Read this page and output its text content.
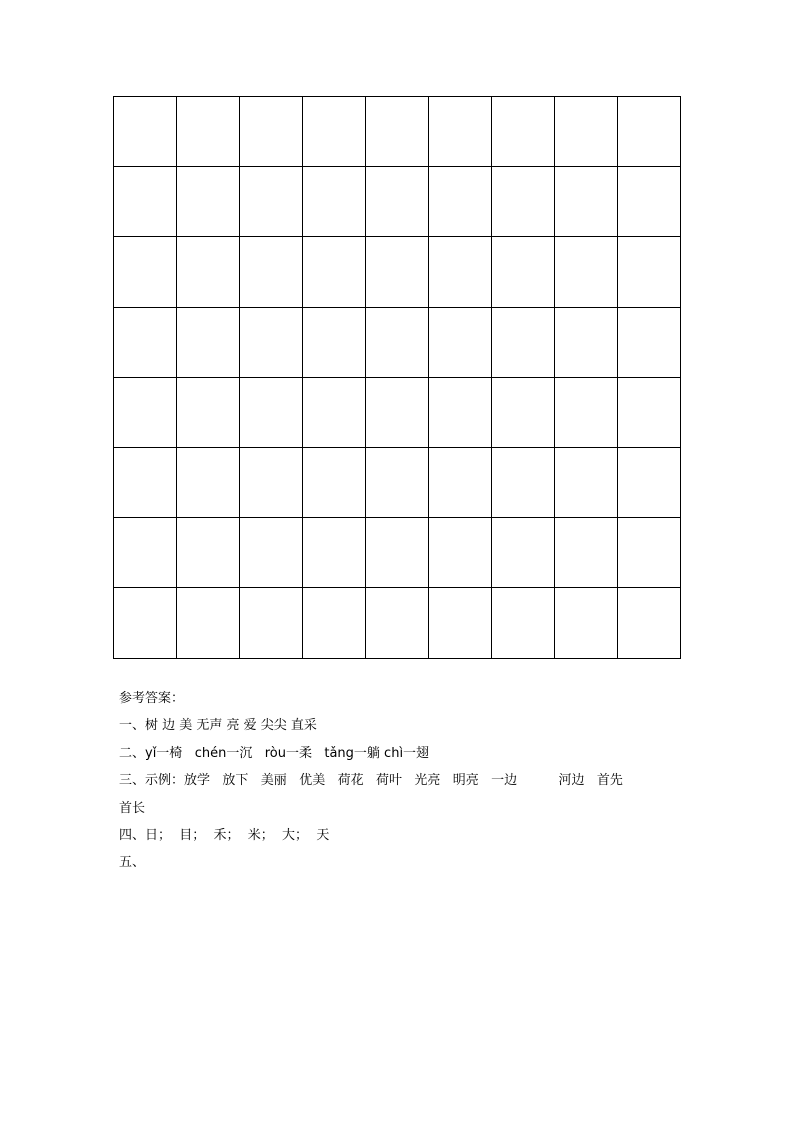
参考答案：
一、树 边 美 无声 亮 爱 尖尖 直采
二、yǐ一椅   chén一沉   ròu一柔   tǎng一躺 chì一翅
三、示例：放学   放下   美丽   优美   荷花   荷叶   光亮   明亮   一边          河边   首先
首长
四、日；  目；  禾；  米；  大；  天
五、
